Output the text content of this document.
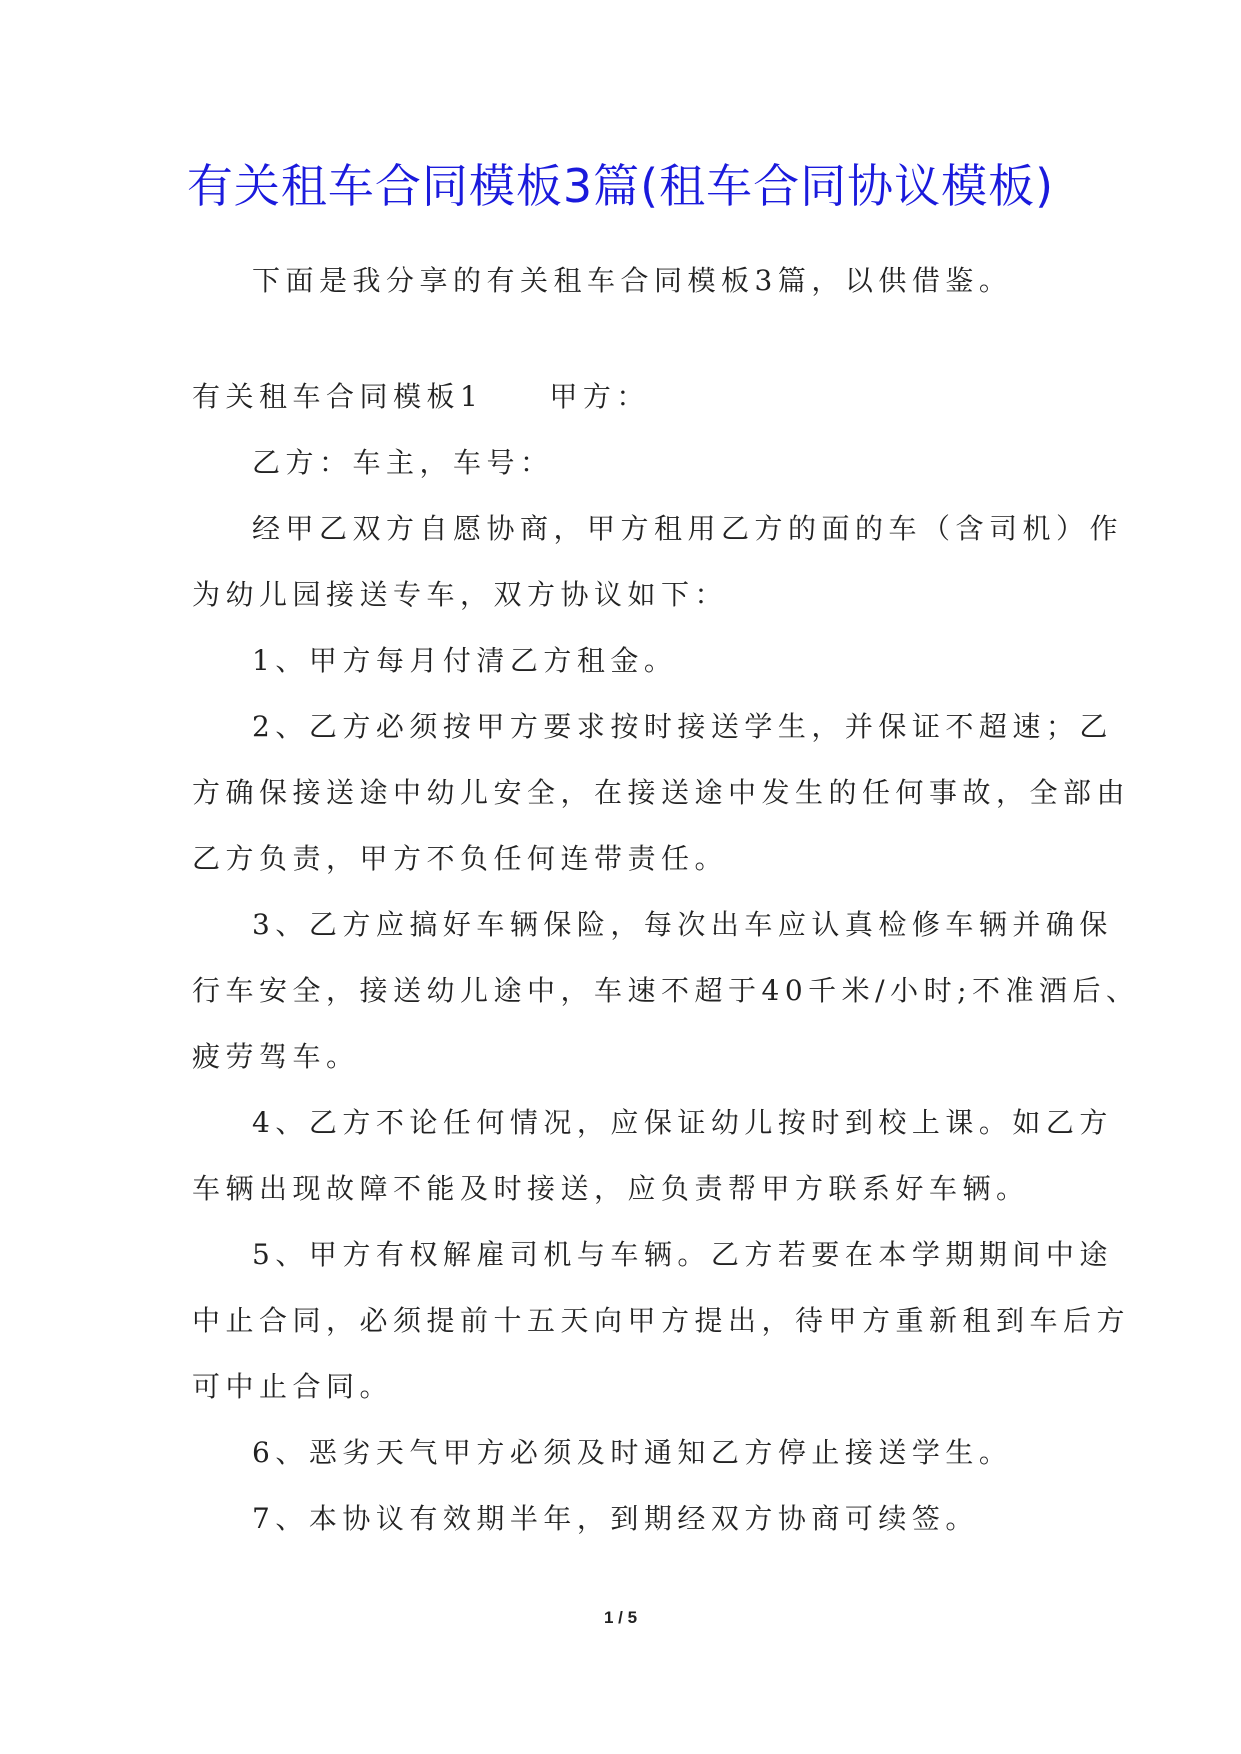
有关租车合同模板3篇(租车合同协议模板)

下面是我分享的有关租车合同模板3篇，以供借鉴。

有关租车合同模板1 甲方：

乙方：车主，车号：

经甲乙双方自愿协商，甲方租用乙方的面的车（含司机）作

为幼儿园接送专车，双方协议如下：

1、甲方每月付清乙方租金。

2、乙方必须按甲方要求按时接送学生，并保证不超速；乙

方确保接送途中幼儿安全，在接送途中发生的任何事故，全部由

乙方负责，甲方不负任何连带责任。

3、乙方应搞好车辆保险，每次出车应认真检修车辆并确保

行车安全，接送幼儿途中，车速不超于40千米/小时;不准酒后、

疲劳驾车。

4、乙方不论任何情况，应保证幼儿按时到校上课。如乙方

车辆出现故障不能及时接送，应负责帮甲方联系好车辆。

5、甲方有权解雇司机与车辆。乙方若要在本学期期间中途

中止合同，必须提前十五天向甲方提出，待甲方重新租到车后方

可中止合同。

6、恶劣天气甲方必须及时通知乙方停止接送学生。

7、本协议有效期半年，到期经双方协商可续签。

1 / 5
